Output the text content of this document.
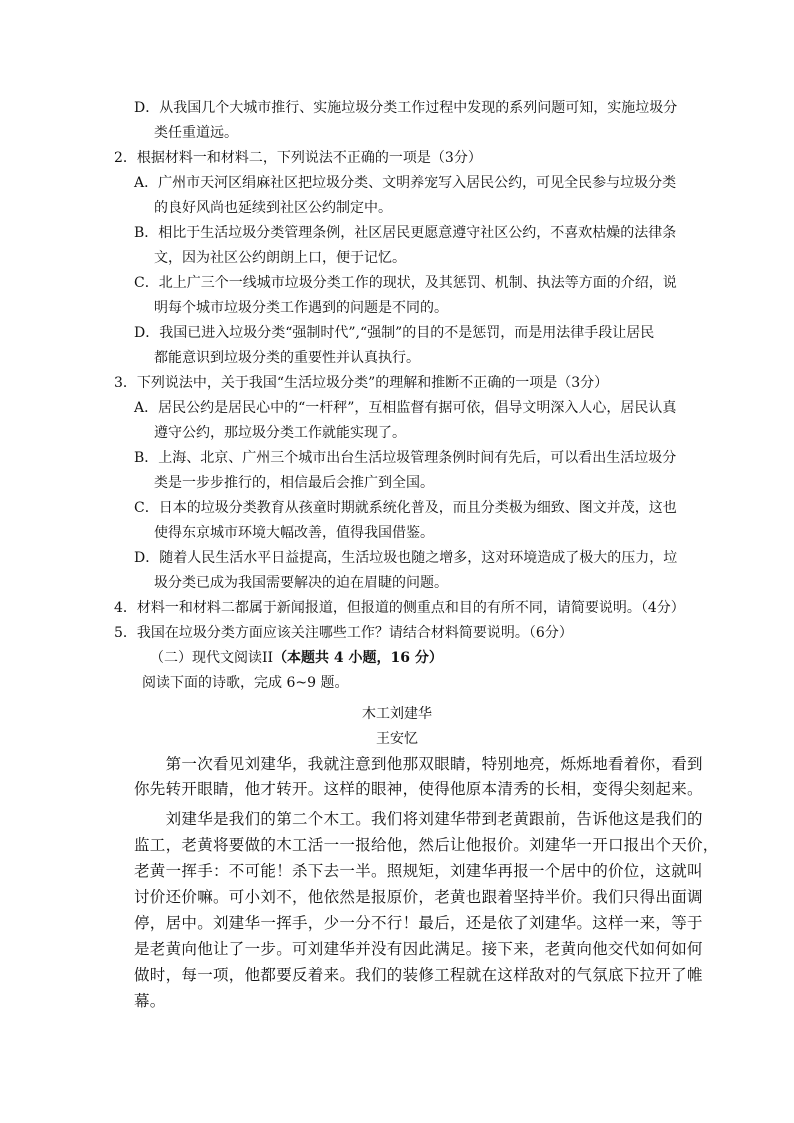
D．从我国几个大城市推行、实施垃圾分类工作过程中发现的系列问题可知，实施垃圾分
类任重道远。
2．根据材料一和材料二，下列说法不正确的一项是（3分）
A．广州市天河区绢麻社区把垃圾分类、文明养宠写入居民公约，可见全民参与垃圾分类
的良好风尚也延续到社区公约制定中。
B．相比于生活垃圾分类管理条例，社区居民更愿意遵守社区公约，不喜欢枯燥的法律条
文，因为社区公约朗朗上口，便于记忆。
C．北上广三个一线城市垃圾分类工作的现状，及其惩罚、机制、执法等方面的介绍，说
明每个城市垃圾分类工作遇到的问题是不同的。
D．我国已进入垃圾分类“强制时代”,“强制”的目的不是惩罚，而是用法律手段让居民
都能意识到垃圾分类的重要性并认真执行。
3．下列说法中，关于我国“生活垃圾分类”的理解和推断不正确的一项是（3分）
A．居民公约是居民心中的“一杆秤”，互相监督有据可依，倡导文明深入人心，居民认真
遵守公约，那垃圾分类工作就能实现了。
B．上海、北京、广州三个城市出台生活垃圾管理条例时间有先后，可以看出生活垃圾分
类是一步步推行的，相信最后会推广到全国。
C．日本的垃圾分类教育从孩童时期就系统化普及，而且分类极为细致、图文并茂，这也
使得东京城市环境大幅改善，值得我国借鉴。
D．随着人民生活水平日益提高，生活垃圾也随之增多，这对环境造成了极大的压力，垃
圾分类已成为我国需要解决的迫在眉睫的问题。
4．材料一和材料二都属于新闻报道，但报道的侧重点和目的有所不同，请简要说明。（4分）
5．我国在垃圾分类方面应该关注哪些工作？请结合材料简要说明。（6分）
（二）现代文阅读II（本题共 4 小题，16 分）
阅读下面的诗歌，完成 6~9 题。
木工刘建华
王安忆
　　第一次看见刘建华，我就注意到他那双眼睛，特别地亮，烁烁地看着你，看到
你先转开眼睛，他才转开。这样的眼神，使得他原本清秀的长相，变得尖刻起来。
　　刘建华是我们的第二个木工。我们将刘建华带到老黄跟前，告诉他这是我们的
监工，老黄将要做的木工活一一报给他，然后让他报价。刘建华一开口报出个天价，
老黄一挥手：不可能！杀下去一半。照规矩，刘建华再报一个居中的价位，这就叫
讨价还价嘛。可小刘不，他依然是报原价，老黄也跟着坚持半价。我们只得出面调
停，居中。刘建华一挥手，少一分不行！最后，还是依了刘建华。这样一来，等于
是老黄向他让了一步。可刘建华并没有因此满足。接下来，老黄向他交代如何如何
做时，每一项，他都要反着来。我们的装修工程就在这样敌对的气氛底下拉开了帷
幕。
